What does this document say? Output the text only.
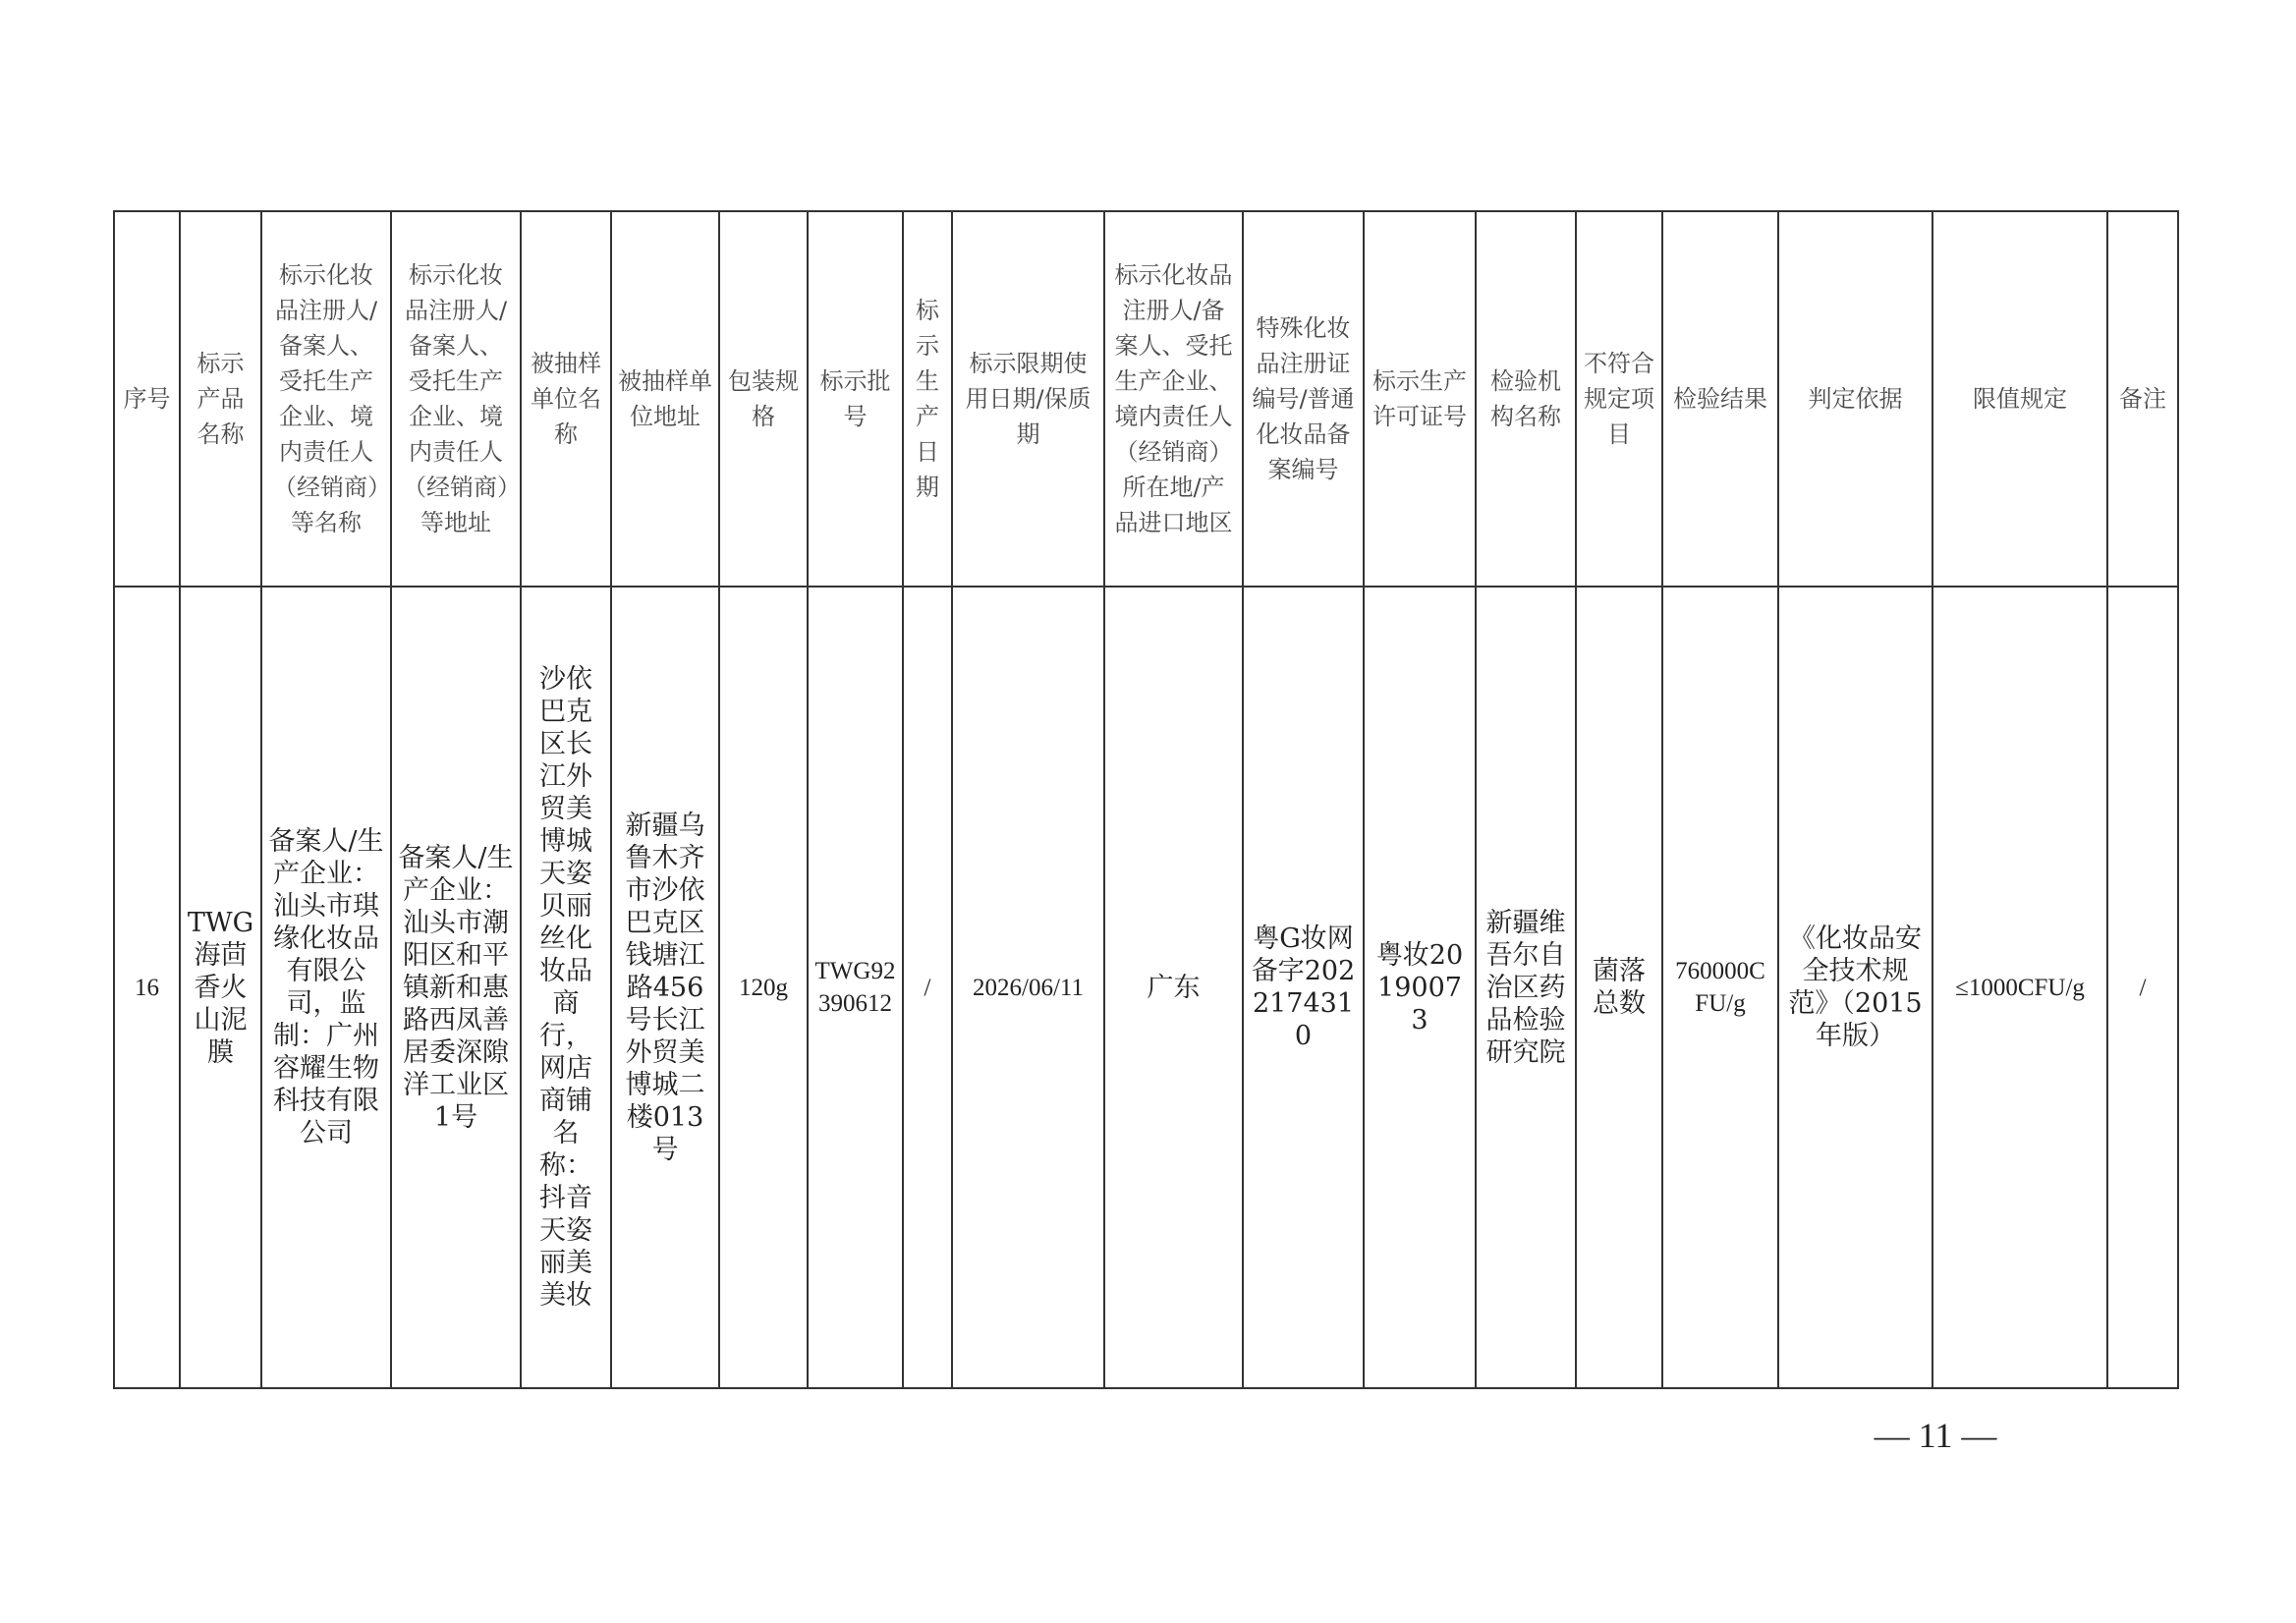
序号	标示产品名称	标示化妆品注册人/备案人、受托生产企业、境内责任人（经销商）等名称	标示化妆品注册人/备案人、受托生产企业、境内责任人（经销商）等地址	被抽样单位名称	被抽样单位地址	包装规格	标示批号	标示生产日期	标示限期使用日期/保质期	标示化妆品注册人/备案人、受托生产企业、境内责任人（经销商）所在地/产品进口地区	特殊化妆品注册证编号/普通化妆品备案编号	标示生产许可证号	检验机构名称	不符合规定项目	检验结果	判定依据	限值规定	备注
16	TWG海茴香火山泥膜	备案人/生产企业：汕头市琪缘化妆品有限公司，监制：广州容耀生物科技有限公司	备案人/生产企业：汕头市潮阳区和平镇新和惠路西凤善居委深隙洋工业区1号	沙依巴克区长江外贸美博城天姿贝丽丝化妆品商行，网店商铺名称：抖音天姿丽美美妆	新疆乌鲁木齐市沙依巴克区钱塘江路456号长江外贸美博城二楼013号	120g	TWG92390612	/	2026/06/11	广东	粤G妆网备字2022174310	粤妆20190073	新疆维吾尔自治区药品检验研究院	菌落总数	760000CFU/g	《化妆品安全技术规范》（2015年版）	≤1000CFU/g	/
— 11 —
